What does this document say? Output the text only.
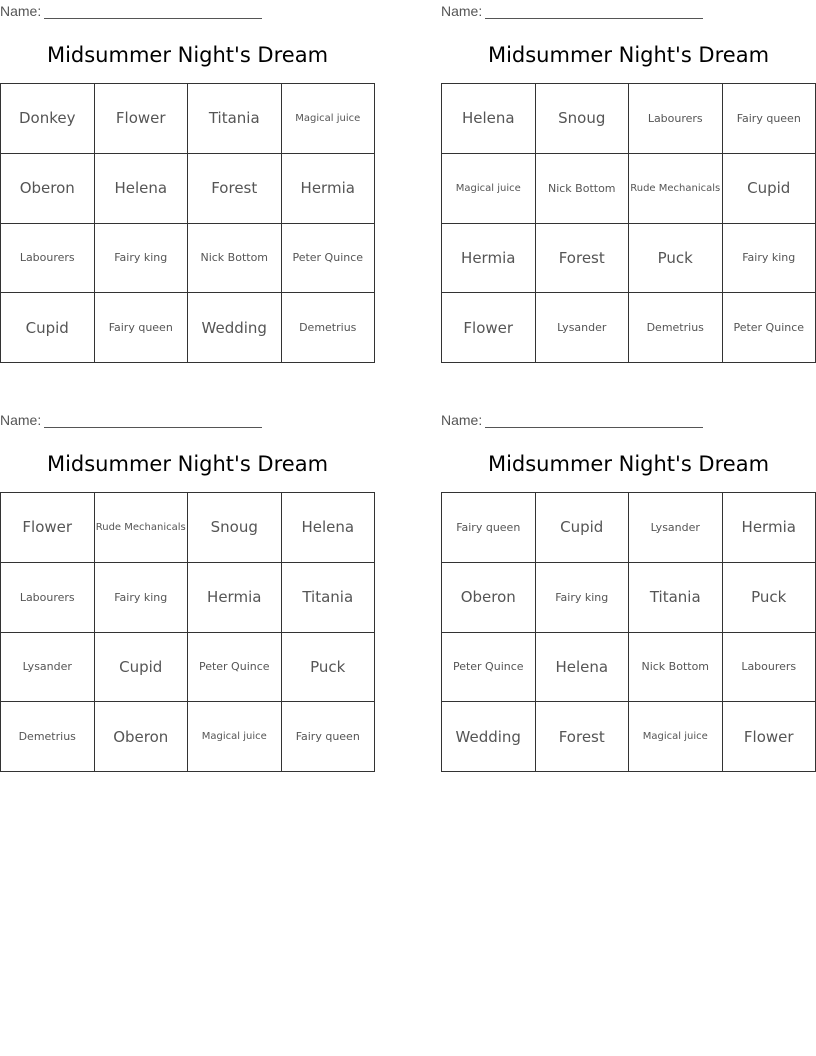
Name:
Midsummer Night's Dream
Donkey	Flower	Titania	Magical juice
Oberon	Helena	Forest	Hermia
Labourers	Fairy king	Nick Bottom	Peter Quince
Cupid	Fairy queen	Wedding	Demetrius
Name:
Midsummer Night's Dream
Helena	Snoug	Labourers	Fairy queen
Magical juice	Nick Bottom	Rude Mechanicals	Cupid
Hermia	Forest	Puck	Fairy king
Flower	Lysander	Demetrius	Peter Quince
Name:
Midsummer Night's Dream
Flower	Rude Mechanicals	Snoug	Helena
Labourers	Fairy king	Hermia	Titania
Lysander	Cupid	Peter Quince	Puck
Demetrius	Oberon	Magical juice	Fairy queen
Name:
Midsummer Night's Dream
Fairy queen	Cupid	Lysander	Hermia
Oberon	Fairy king	Titania	Puck
Peter Quince	Helena	Nick Bottom	Labourers
Wedding	Forest	Magical juice	Flower
